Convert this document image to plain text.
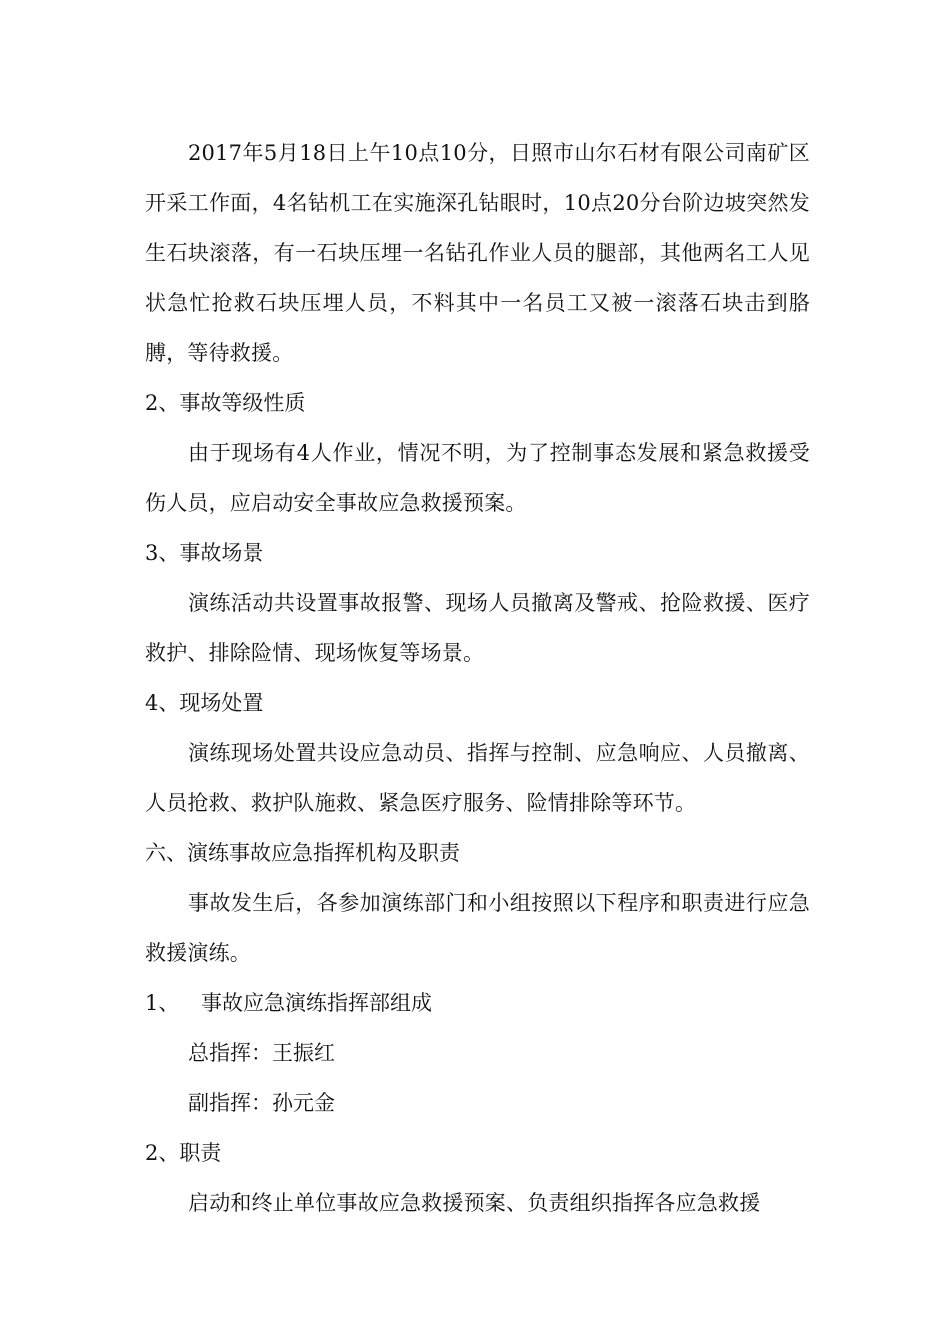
2017年5月18日上午10点10分，日照市山尔石材有限公司南矿区开采工作面，4名钻机工在实施深孔钻眼时，10点20分台阶边坡突然发生石块滚落，有一石块压埋一名钻孔作业人员的腿部，其他两名工人见状急忙抢救石块压埋人员，不料其中一名员工又被一滚落石块击到胳膊，等待救援。

2、事故等级性质

由于现场有4人作业，情况不明，为了控制事态发展和紧急救援受伤人员，应启动安全事故应急救援预案。

3、事故场景

演练活动共设置事故报警、现场人员撤离及警戒、抢险救援、医疗救护、排除险情、现场恢复等场景。

4、现场处置

演练现场处置共设应急动员、指挥与控制、应急响应、人员撤离、人员抢救、救护队施救、紧急医疗服务、险情排除等环节。

六、演练事故应急指挥机构及职责

事故发生后，各参加演练部门和小组按照以下程序和职责进行应急救援演练。

1、 事故应急演练指挥部组成

总指挥：王振红

副指挥：孙元金

2、职责

启动和终止单位事故应急救援预案、负责组织指挥各应急救援
